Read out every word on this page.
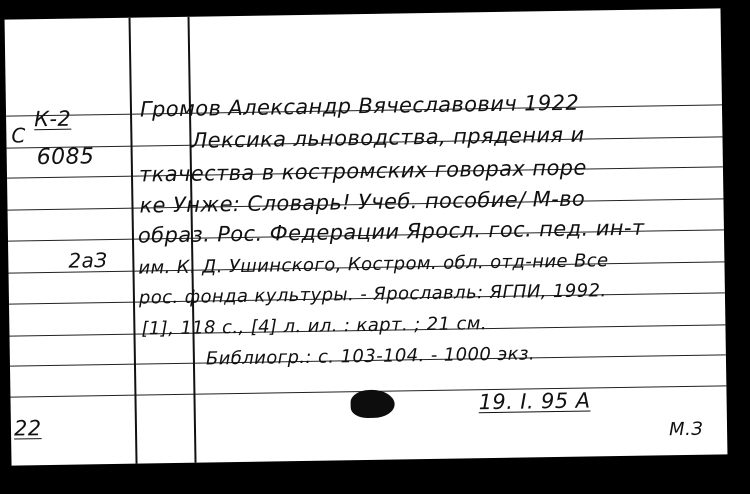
С
К-2
6085
2аЗ
22
Громов Александр Вячеславович 1922
Лексика льноводства, прядения и
ткачества в костромских говорах поре
ке Унже: Словарь! Учеб. пособие/ М-во
образ. Рос. Федерации Яросл. гос. пед. ин-т
им. К. Д. Ушинского, Костром. обл. отд-ние Все
рос. фонда культуры. - Ярославль: ЯГПИ, 1992.
[1], 118 с., [4] л. ил. : карт. ; 21 см.
Библиогр.: с. 103-104. - 1000 экз.
19. I. 95 А
М.З
